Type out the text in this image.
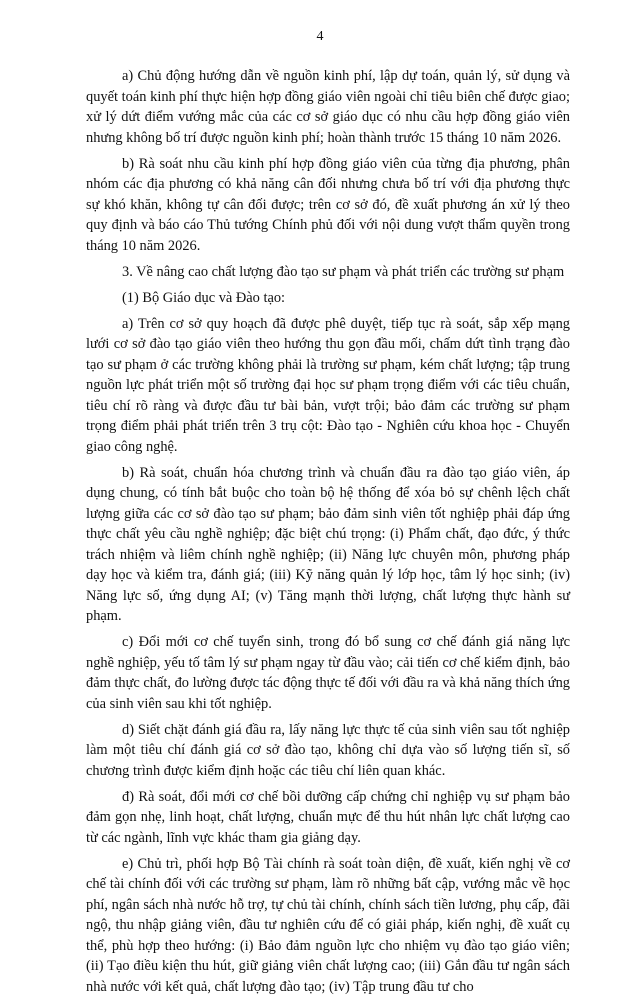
4

a) Chủ động hướng dẫn về nguồn kinh phí, lập dự toán, quản lý, sử dụng và quyết toán kinh phí thực hiện hợp đồng giáo viên ngoài chỉ tiêu biên chế được giao; xử lý dứt điểm vướng mắc của các cơ sở giáo dục có nhu cầu hợp đồng giáo viên nhưng không bố trí được nguồn kinh phí; hoàn thành trước 15 tháng 10 năm 2026.

b) Rà soát nhu cầu kinh phí hợp đồng giáo viên của từng địa phương, phân nhóm các địa phương có khả năng cân đối nhưng chưa bố trí với địa phương thực sự khó khăn, không tự cân đối được; trên cơ sở đó, đề xuất phương án xử lý theo quy định và báo cáo Thủ tướng Chính phủ đối với nội dung vượt thẩm quyền trong tháng 10 năm 2026.

3. Về nâng cao chất lượng đào tạo sư phạm và phát triển các trường sư phạm

(1) Bộ Giáo dục và Đào tạo:

a) Trên cơ sở quy hoạch đã được phê duyệt, tiếp tục rà soát, sắp xếp mạng lưới cơ sở đào tạo giáo viên theo hướng thu gọn đầu mối, chấm dứt tình trạng đào tạo sư phạm ở các trường không phải là trường sư phạm, kém chất lượng; tập trung nguồn lực phát triển một số trường đại học sư phạm trọng điểm với các tiêu chuẩn, tiêu chí rõ ràng và được đầu tư bài bản, vượt trội; bảo đảm các trường sư phạm trọng điểm phải phát triển trên 3 trụ cột: Đào tạo - Nghiên cứu khoa học - Chuyển giao công nghệ.

b) Rà soát, chuẩn hóa chương trình và chuẩn đầu ra đào tạo giáo viên, áp dụng chung, có tính bắt buộc cho toàn bộ hệ thống để xóa bỏ sự chênh lệch chất lượng giữa các cơ sở đào tạo sư phạm; bảo đảm sinh viên tốt nghiệp phải đáp ứng thực chất yêu cầu nghề nghiệp; đặc biệt chú trọng: (i) Phẩm chất, đạo đức, ý thức trách nhiệm và liêm chính nghề nghiệp; (ii) Năng lực chuyên môn, phương pháp dạy học và kiểm tra, đánh giá; (iii) Kỹ năng quản lý lớp học, tâm lý học sinh; (iv) Năng lực số, ứng dụng AI; (v) Tăng mạnh thời lượng, chất lượng thực hành sư phạm.

c) Đổi mới cơ chế tuyển sinh, trong đó bổ sung cơ chế đánh giá năng lực nghề nghiệp, yếu tố tâm lý sư phạm ngay từ đầu vào; cải tiến cơ chế kiểm định, bảo đảm thực chất, đo lường được tác động thực tế đối với đầu ra và khả năng thích ứng của sinh viên sau khi tốt nghiệp.

d) Siết chặt đánh giá đầu ra, lấy năng lực thực tế của sinh viên sau tốt nghiệp làm một tiêu chí đánh giá cơ sở đào tạo, không chỉ dựa vào số lượng tiến sĩ, số chương trình được kiểm định hoặc các tiêu chí liên quan khác.

đ) Rà soát, đổi mới cơ chế bồi dưỡng cấp chứng chỉ nghiệp vụ sư phạm bảo đảm gọn nhẹ, linh hoạt, chất lượng, chuẩn mực để thu hút nhân lực chất lượng cao từ các ngành, lĩnh vực khác tham gia giảng dạy.

e) Chủ trì, phối hợp Bộ Tài chính rà soát toàn diện, đề xuất, kiến nghị về cơ chế tài chính đối với các trường sư phạm, làm rõ những bất cập, vướng mắc về học phí, ngân sách nhà nước hỗ trợ, tự chủ tài chính, chính sách tiền lương, phụ cấp, đãi ngộ, thu nhập giảng viên, đầu tư nghiên cứu để có giải pháp, kiến nghị, đề xuất cụ thể, phù hợp theo hướng: (i) Bảo đảm nguồn lực cho nhiệm vụ đào tạo giáo viên; (ii) Tạo điều kiện thu hút, giữ giảng viên chất lượng cao; (iii) Gắn đầu tư ngân sách nhà nước với kết quả, chất lượng đào tạo; (iv) Tập trung đầu tư cho
